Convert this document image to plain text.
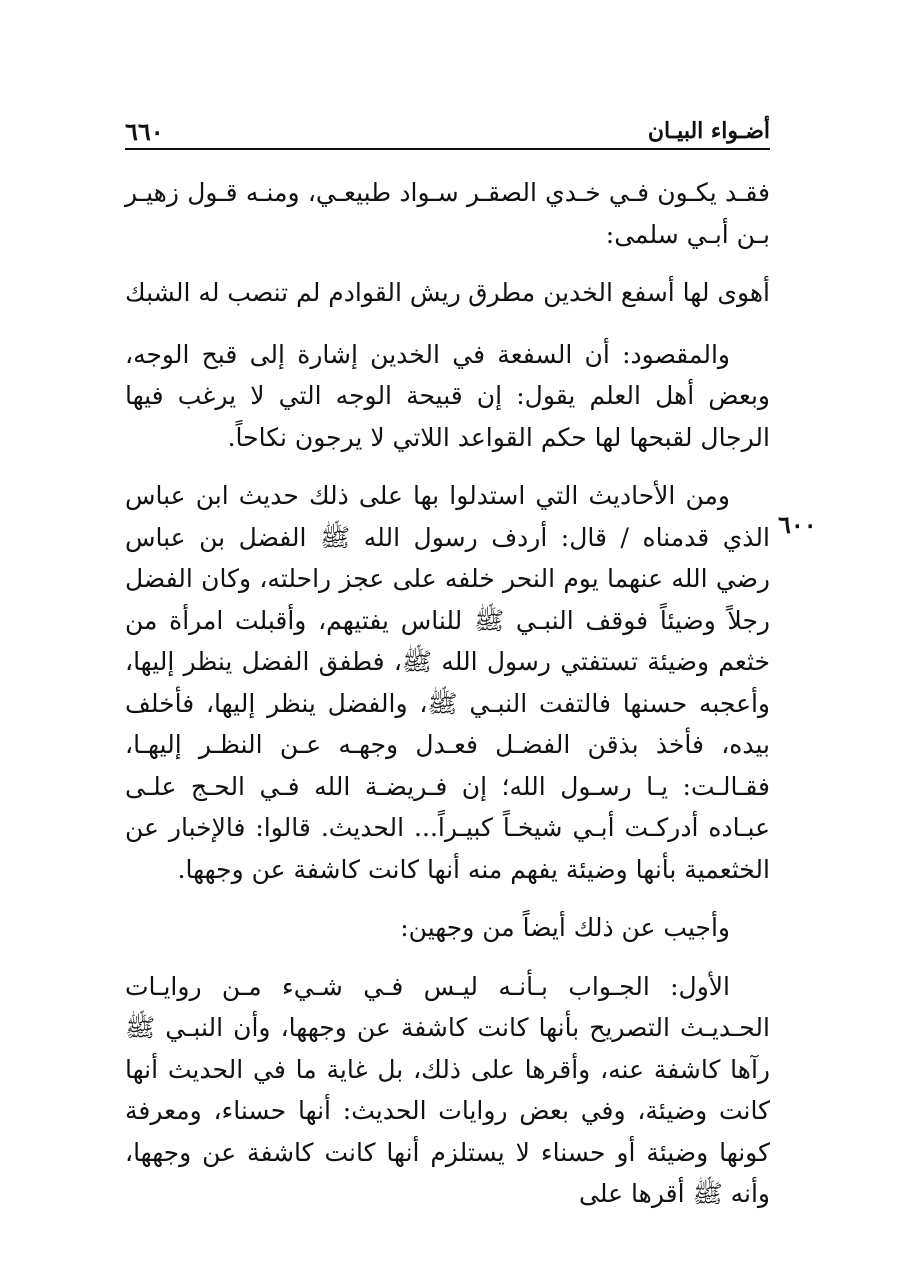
أضـواء البيـان
٦٦٠
٦٠٠

فقـد يكـون فـي خـدي الصقـر سـواد طبيعـي، ومنـه قـول زهيـر بـن أبـي سلمى:

أهوى لها أسفع الخدين مطرق
ريش القوادم لم تنصب له الشبك

والمقصود: أن السفعة في الخدين إشارة إلى قبح الوجه، وبعض أهل العلم يقول: إن قبيحة الوجه التي لا يرغب فيها الرجال لقبحها لها حكم القواعد اللاتي لا يرجون نكاحاً.

ومن الأحاديث التي استدلوا بها على ذلك حديث ابن عباس الذي قدمناه / قال: أردف رسول الله ﷺ الفضل بن عباس رضي الله عنهما يوم النحر خلفه على عجز راحلته، وكان الفضل رجلاً وضيئاً فوقف النبـي ﷺ للناس يفتيهم، وأقبلت امرأة من خثعم وضيئة تستفتي رسول الله ﷺ، فطفق الفضل ينظر إليها، وأعجبه حسنها فالتفت النبـي ﷺ، والفضل ينظر إليها، فأخلف بيده، فأخذ بذقن الفضـل فعـدل وجهـه عـن النظـر إليهـا، فقـالـت: يـا رسـول الله؛ إن فـريضـة الله فـي الحـج علـى عبـاده أدركـت أبـي شيخـاً كبيـراً... الحديث. قالوا: فالإخبار عن الخثعمية بأنها وضيئة يفهم منه أنها كانت كاشفة عن وجهها.

وأجيب عن ذلك أيضاً من وجهين:

الأول: الجـواب بـأنـه ليـس فـي شـيء مـن روايـات الحـديـث التصريح بأنها كانت كاشفة عن وجهها، وأن النبـي ﷺ رآها كاشفة عنه، وأقرها على ذلك، بل غاية ما في الحديث أنها كانت وضيئة، وفي بعض روايات الحديث: أنها حسناء، ومعرفة كونها وضيئة أو حسناء لا يستلزم أنها كانت كاشفة عن وجهها، وأنه ﷺ أقرها على
